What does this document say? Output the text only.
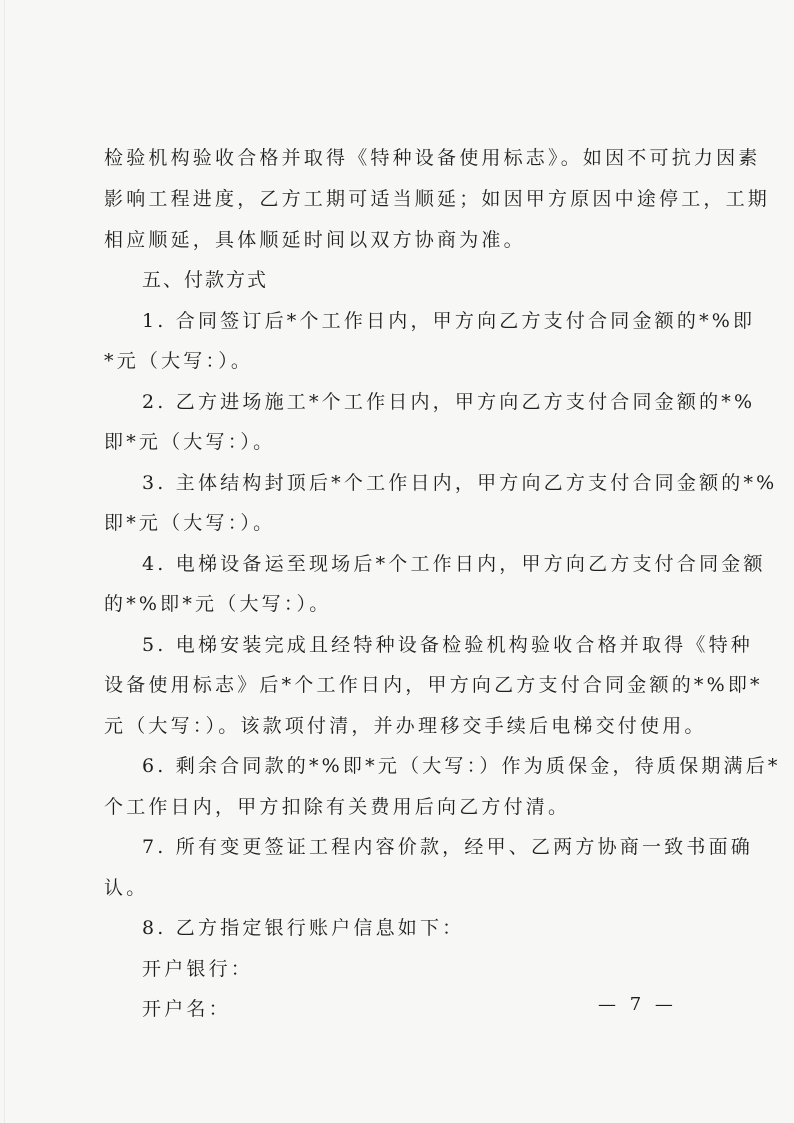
检验机构验收合格并取得《特种设备使用标志》。如因不可抗力因素
影响工程进度，乙方工期可适当顺延；如因甲方原因中途停工，工期
相应顺延，具体顺延时间以双方协商为准。
五、付款方式
1. 合同签订后*个工作日内，甲方向乙方支付合同金额的*%即
*元（大写：）。
2. 乙方进场施工*个工作日内，甲方向乙方支付合同金额的*%
即*元（大写：）。
3. 主体结构封顶后*个工作日内，甲方向乙方支付合同金额的*%
即*元（大写：）。
4. 电梯设备运至现场后*个工作日内，甲方向乙方支付合同金额
的*%即*元（大写：）。
5. 电梯安装完成且经特种设备检验机构验收合格并取得《特种
设备使用标志》后*个工作日内，甲方向乙方支付合同金额的*%即*
元（大写：）。该款项付清，并办理移交手续后电梯交付使用。
6. 剩余合同款的*%即*元（大写：）作为质保金，待质保期满后*
个工作日内，甲方扣除有关费用后向乙方付清。
7. 所有变更签证工程内容价款，经甲、乙两方协商一致书面确
认。
8. 乙方指定银行账户信息如下：
开户银行：
开户名：	— 7 —
